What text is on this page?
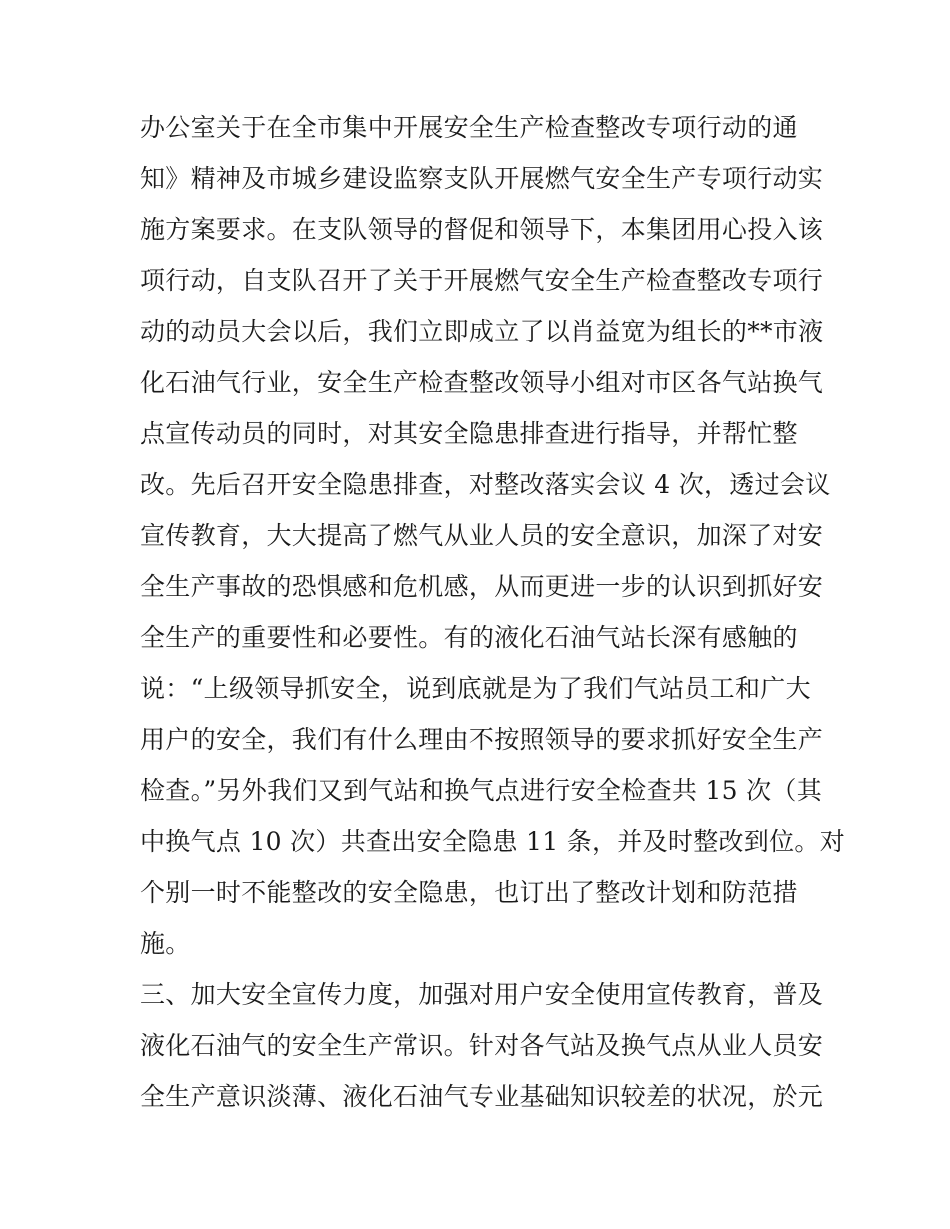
办公室关于在全市集中开展安全生产检查整改专项行动的通
知》精神及市城乡建设监察支队开展燃气安全生产专项行动实
施方案要求。在支队领导的督促和领导下，本集团用心投入该
项行动，自支队召开了关于开展燃气安全生产检查整改专项行
动的动员大会以后，我们立即成立了以肖益宽为组长的**市液
化石油气行业，安全生产检查整改领导小组对市区各气站换气
点宣传动员的同时，对其安全隐患排查进行指导，并帮忙整
改。先后召开安全隐患排查，对整改落实会议 4 次，透过会议
宣传教育，大大提高了燃气从业人员的安全意识，加深了对安
全生产事故的恐惧感和危机感，从而更进一步的认识到抓好安
全生产的重要性和必要性。有的液化石油气站长深有感触的
说：“上级领导抓安全，说到底就是为了我们气站员工和广大
用户的安全，我们有什么理由不按照领导的要求抓好安全生产
检查。”另外我们又到气站和换气点进行安全检查共 15 次（其
中换气点 10 次）共查出安全隐患 11 条，并及时整改到位。对
个别一时不能整改的安全隐患，也订出了整改计划和防范措
施。
三、加大安全宣传力度，加强对用户安全使用宣传教育，普及
液化石油气的安全生产常识。针对各气站及换气点从业人员安
全生产意识淡薄、液化石油气专业基础知识较差的状况，於元
